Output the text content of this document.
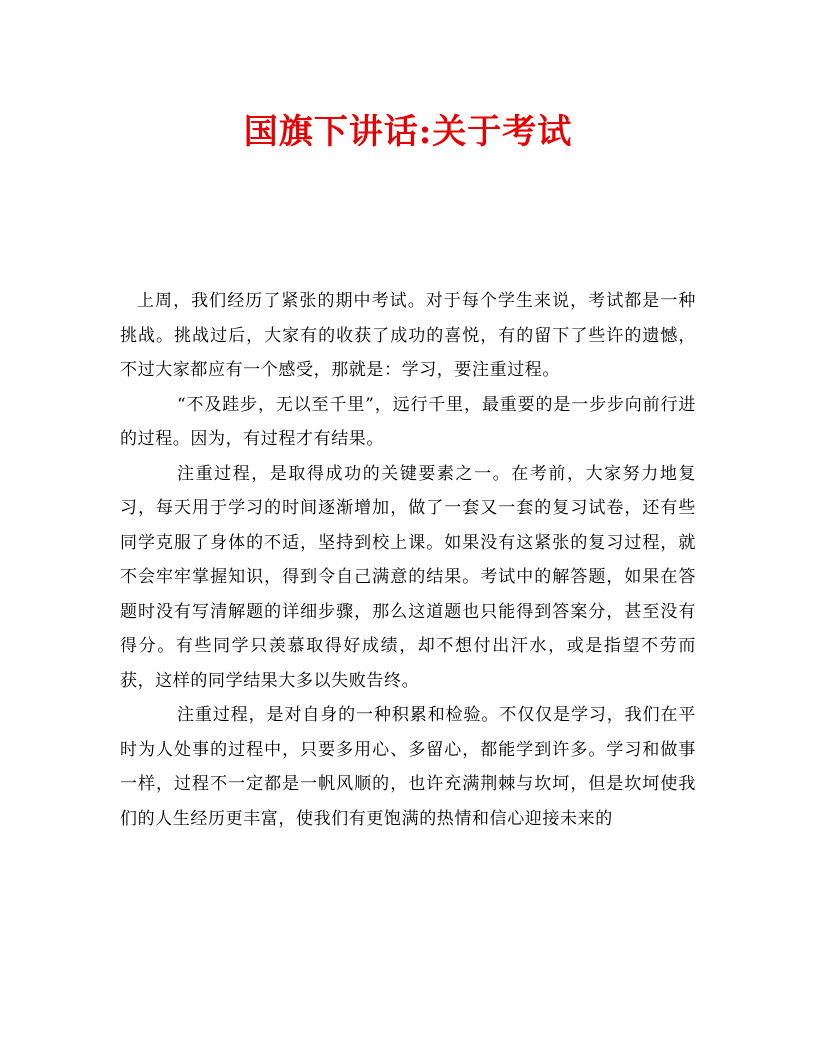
国旗下讲话:关于考试

上周，我们经历了紧张的期中考试。对于每个学生来说，考试都是一种挑战。挑战过后，大家有的收获了成功的喜悦，有的留下了些许的遗憾，不过大家都应有一个感受，那就是：学习，要注重过程。

“不及跬步，无以至千里”，远行千里，最重要的是一步步向前行进的过程。因为，有过程才有结果。

注重过程，是取得成功的关键要素之一。在考前，大家努力地复习，每天用于学习的时间逐渐增加，做了一套又一套的复习试卷，还有些同学克服了身体的不适，坚持到校上课。如果没有这紧张的复习过程，就不会牢牢掌握知识，得到令自己满意的结果。考试中的解答题，如果在答题时没有写清解题的详细步骤，那么这道题也只能得到答案分，甚至没有得分。有些同学只羡慕取得好成绩，却不想付出汗水，或是指望不劳而获，这样的同学结果大多以失败告终。

注重过程，是对自身的一种积累和检验。不仅仅是学习，我们在平时为人处事的过程中，只要多用心、多留心，都能学到许多。学习和做事一样，过程不一定都是一帆风顺的，也许充满荆棘与坎坷，但是坎坷使我们的人生经历更丰富，使我们有更饱满的热情和信心迎接未来的
